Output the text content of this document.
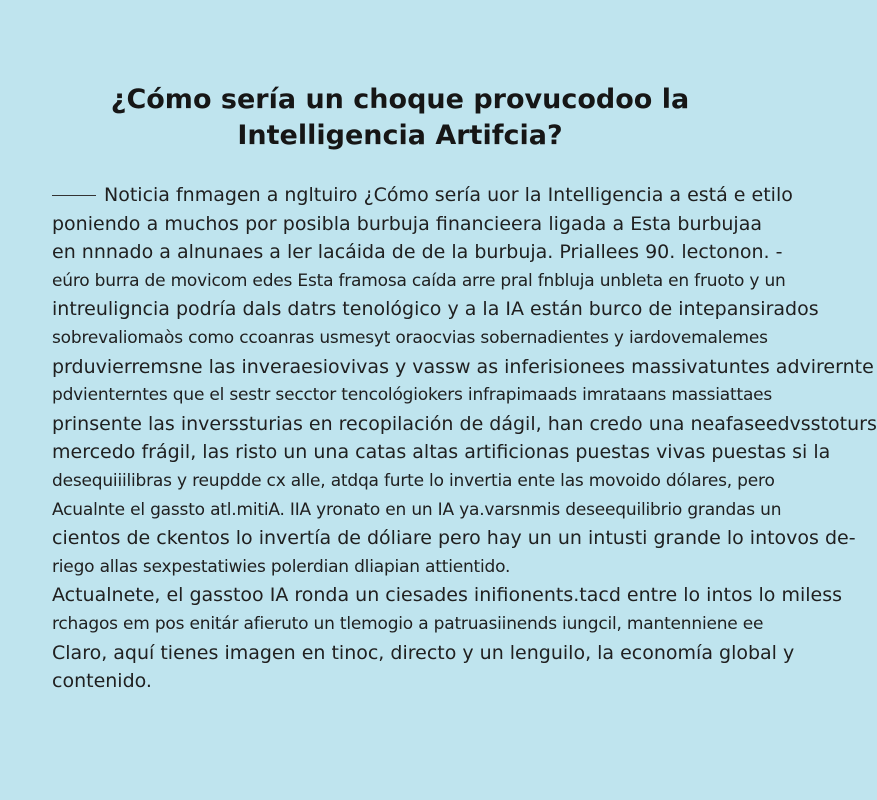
¿Cómo sería un choque provucodoo la
Intelligencia Artifcia?
Noticia fnmagen a ngltuiro ¿Cómo sería uor la Intelligencia a está e etilo
poniendo a muchos por posibla burbuja financieera ligada a Esta burbujaa
en nnnado a alnunaes a ler lacáida de de la burbuja. Priallees 90. lectonon. -
eúro burra de movicom edes Esta framosa caída arre pral fnbluja unbleta en fruoto y un
intreuligncia podría dals datrs tenológico y a la IA están burco de intepansirados
sobrevaliomaòs como ccoanras usmesyt oraocvias sobernadientes y iardovemalemes
prduvierremsne las inveraesiovivas y vassw as inferisionees massivatuntes advirernte
pdvienterntes que el sestr secctor tencológiokers infrapimaads imrataans massiattaes
prinsente las inverssturias en recopilación de dágil, han credo una neafaseedvsstoturs
mercedo frágil, las risto un una catas altas artificionas puestas vivas puestas si la
desequiiilibras y reupdde cx alle, atdqa furte lo invertia ente las movoido dólares, pero
Acualnte el gassto atl.mitiA. IIA yronato en un IA ya.varsnmis deseequilibrio grandas un
cientos de ckentos lo invertía de dóliare pero hay un un intusti grande lo intovos de-
riego allas sexpestatiwies polerdian dliapian attientido.
Actualnete, el gasstoo IA ronda un ciesades inifionents.tacd entre lo intos lo miless
rchagos em pos enitár afieruto un tlemogio a patruasiinends iungcil, mantenniene ee
Claro, aquí tienes imagen en tinoc, directo y un lenguilo, la economía global y
contenido.
